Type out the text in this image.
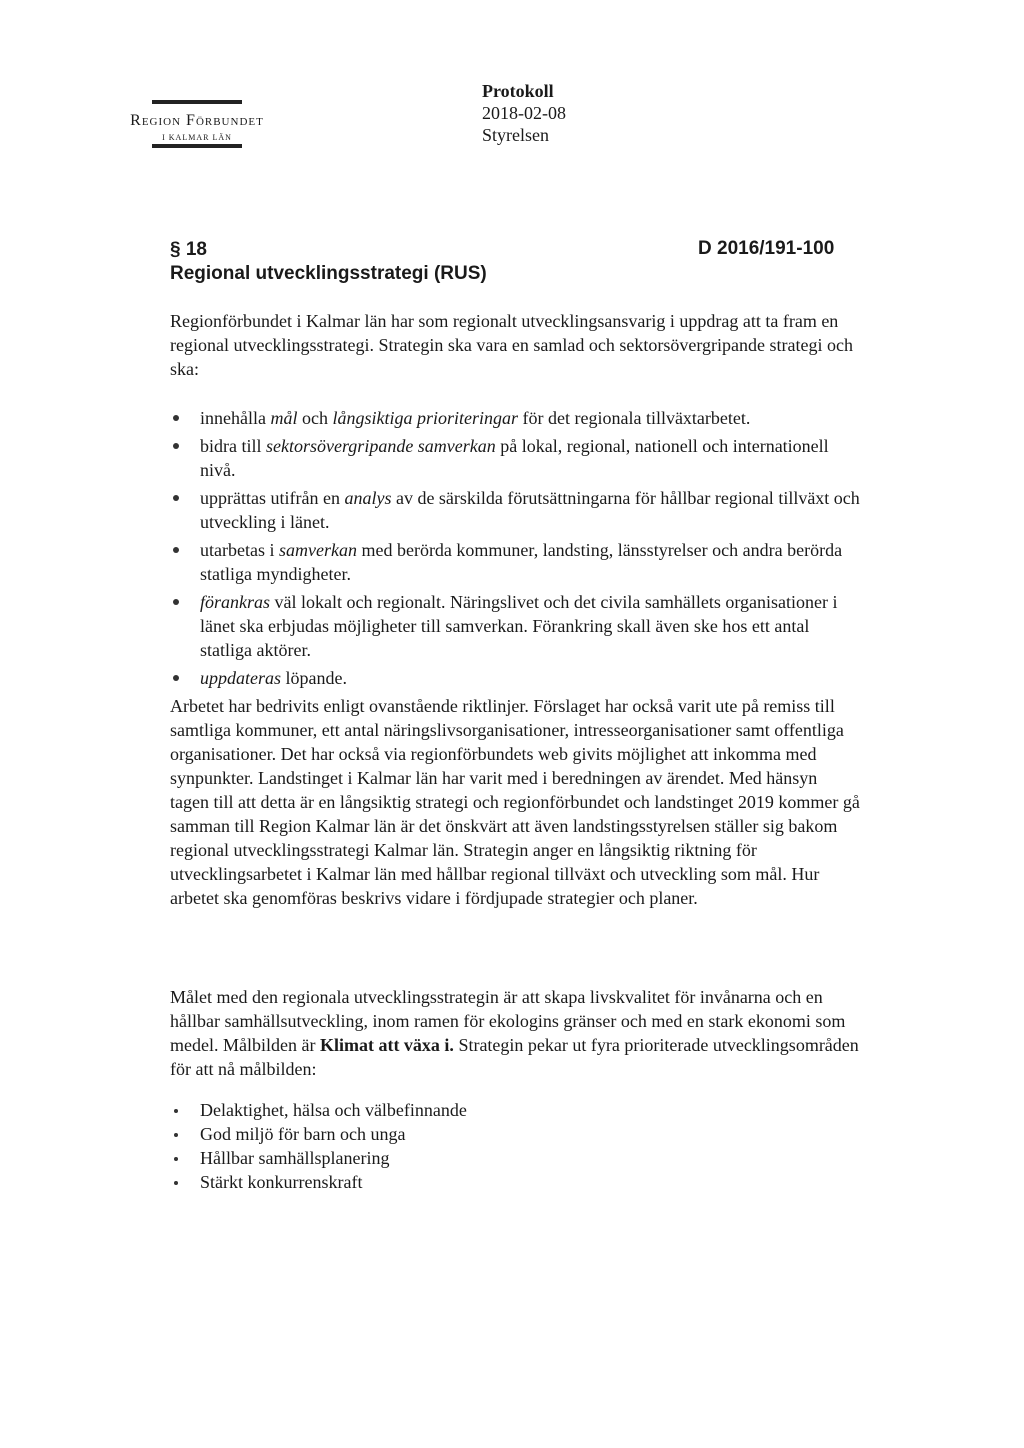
Region Förbundet
I KALMAR LÄN
Protokoll
2018-02-08
Styrelsen
§ 18
Regional utvecklingsstrategi (RUS)
D 2016/191-100
Regionförbundet i Kalmar län har som regionalt utvecklingsansvarig i uppdrag att ta fram en regional utvecklingsstrategi. Strategin ska vara en samlad och sektorsövergripande strategi och ska:
innehålla mål och långsiktiga prioriteringar för det regionala tillväxtarbetet.
bidra till sektorsövergripande samverkan på lokal, regional, nationell och internationell nivå.
upprättas utifrån en analys av de särskilda förutsättningarna för hållbar regional tillväxt och utveckling i länet.
utarbetas i samverkan med berörda kommuner, landsting, länsstyrelser och andra berörda statliga myndigheter.
förankras väl lokalt och regionalt. Näringslivet och det civila samhällets organisationer i länet ska erbjudas möjligheter till samverkan. Förankring skall även ske hos ett antal statliga aktörer.
uppdateras löpande.
Arbetet har bedrivits enligt ovanstående riktlinjer. Förslaget har också varit ute på remiss till samtliga kommuner, ett antal näringslivsorganisationer, intresseorganisationer samt offentliga organisationer. Det har också via regionförbundets web givits möjlighet att inkomma med synpunkter. Landstinget i Kalmar län har varit med i beredningen av ärendet. Med hänsyn tagen till att detta är en långsiktig strategi och regionförbundet och landstinget 2019 kommer gå samman till Region Kalmar län är det önskvärt att även landstingsstyrelsen ställer sig bakom regional utvecklingsstrategi Kalmar län. Strategin anger en långsiktig riktning för utvecklingsarbetet i Kalmar län med hållbar regional tillväxt och utveckling som mål. Hur arbetet ska genomföras beskrivs vidare i fördjupade strategier och planer.
Målet med den regionala utvecklingsstrategin är att skapa livskvalitet för invånarna och en hållbar samhällsutveckling, inom ramen för ekologins gränser och med en stark ekonomi som medel. Målbilden är Klimat att växa i. Strategin pekar ut fyra prioriterade utvecklingsområden för att nå målbilden:
Delaktighet, hälsa och välbefinnande
God miljö för barn och unga
Hållbar samhällsplanering
Stärkt konkurrenskraft
